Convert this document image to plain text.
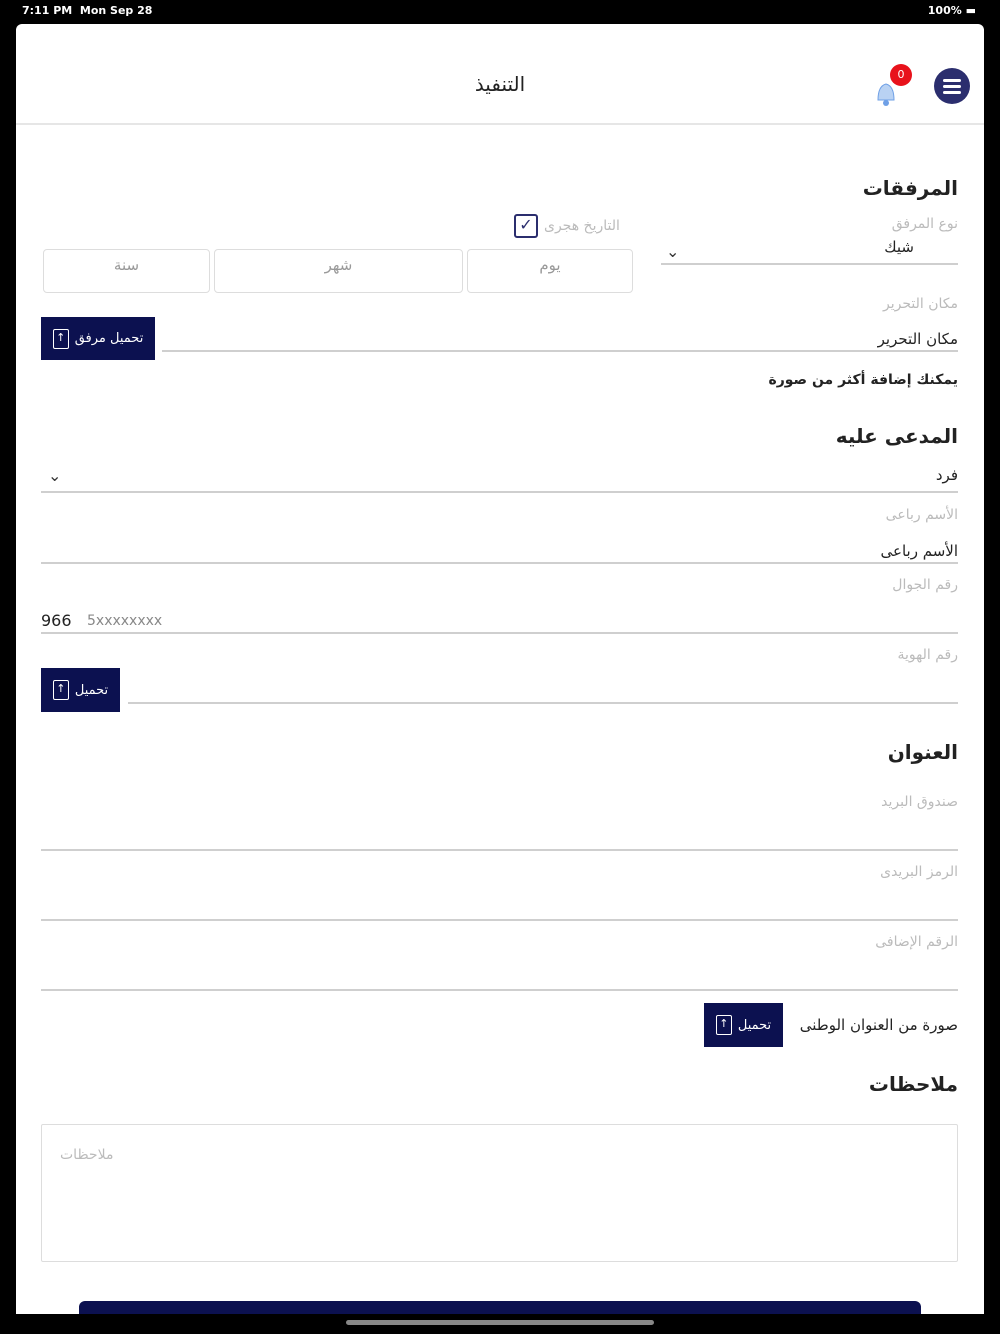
7:11 PM Mon Sep 28	100% ▬
التنفيذ	0
المرفقات
نوع المرفق
شيك
⌄
التاريخ هجرى
✓
يوم
شهر
سنة
مكان التحرير
مكان التحرير
تحميل مرفق
↑
يمكنك إضافة أكثر من صورة
المدعى عليه
فرد
⌄
الأسم رباعى
الأسم رباعى
رقم الجوال
966 5xxxxxxxx
رقم الهوية
تحميل
↑
العنوان
صندوق البريد
الرمز البريدى
الرقم الإضافى
صورة من العنوان الوطنى
تحميل
↑
ملاحظات
ملاحظات
